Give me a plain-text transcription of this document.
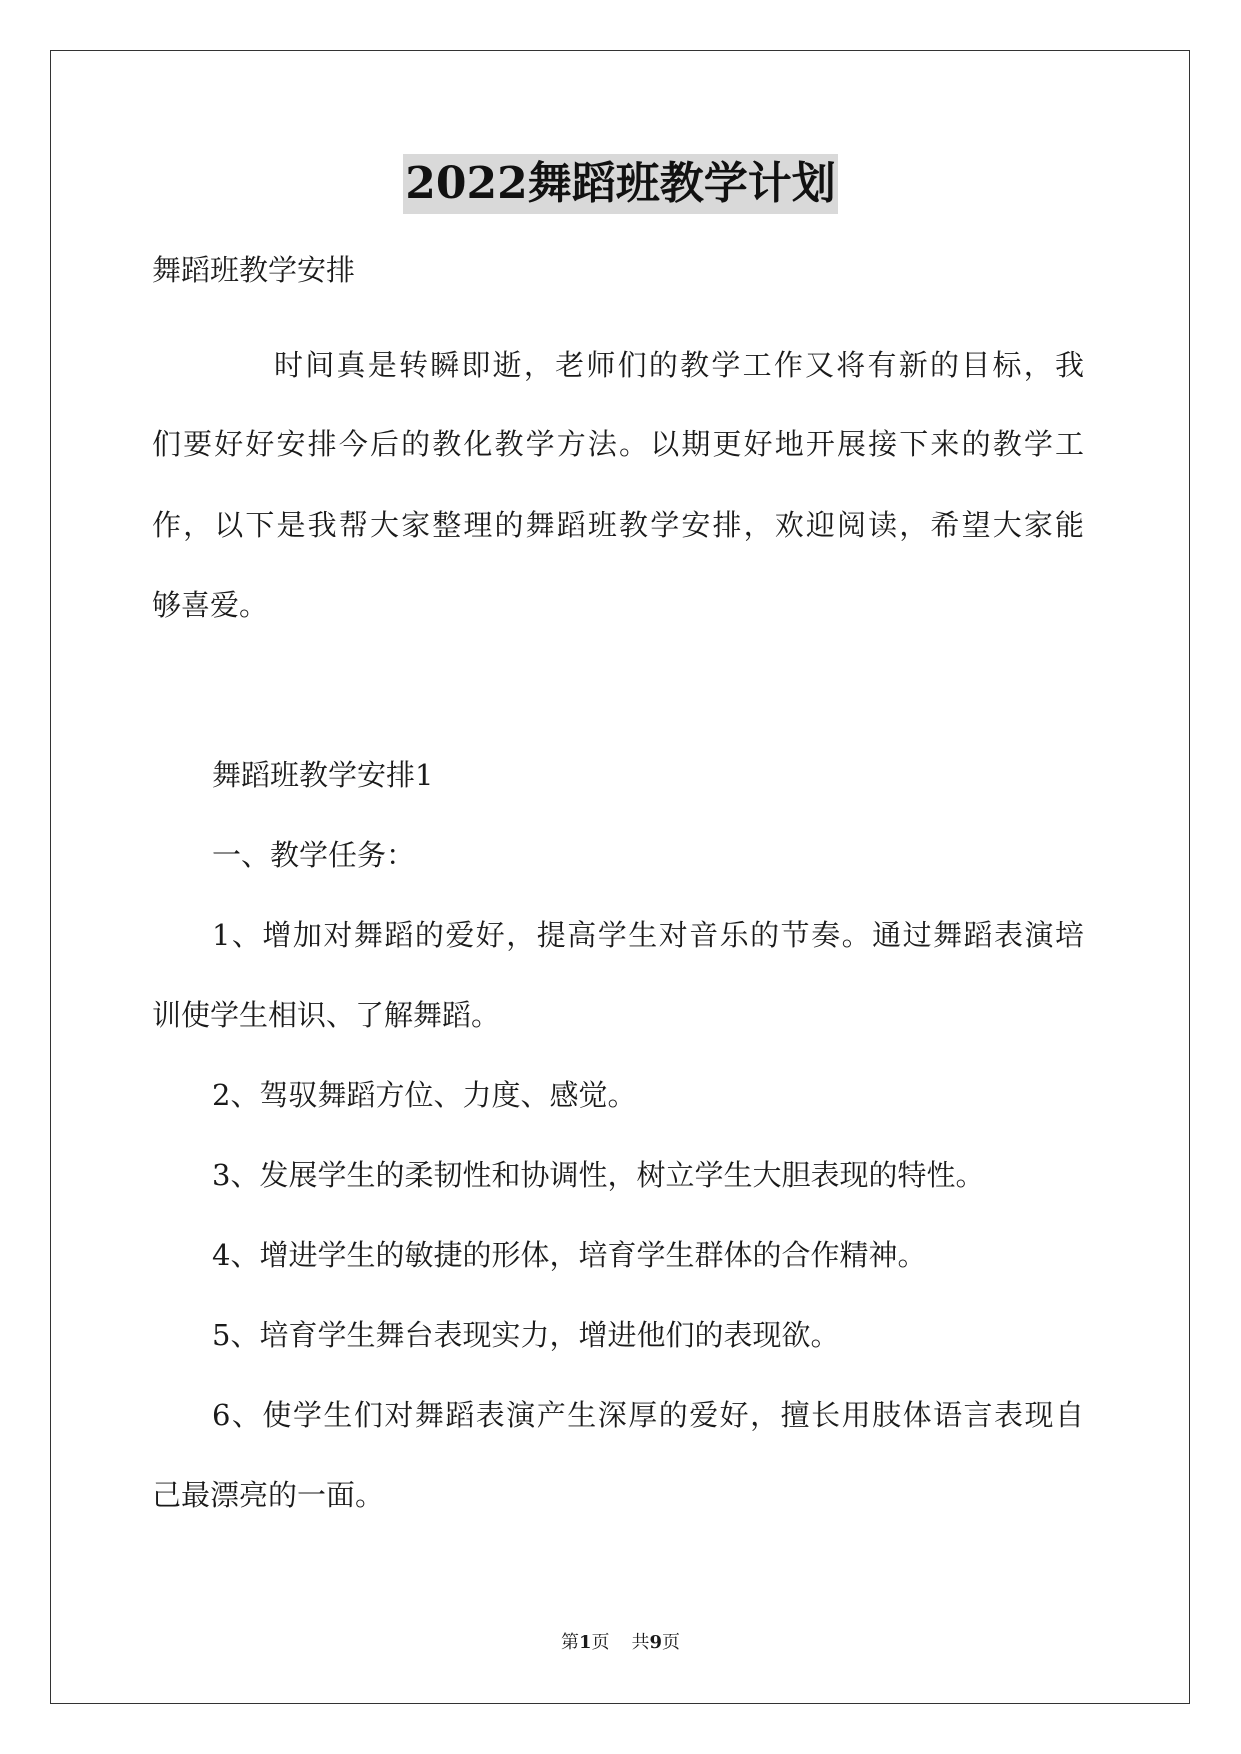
2022舞蹈班教学计划
舞蹈班教学安排
时间真是转瞬即逝，老师们的教学工作又将有新的目标，我
们要好好安排今后的教化教学方法。以期更好地开展接下来的教学工
作，以下是我帮大家整理的舞蹈班教学安排，欢迎阅读，希望大家能
够喜爱。
舞蹈班教学安排1
一、教学任务：
1、增加对舞蹈的爱好，提高学生对音乐的节奏。通过舞蹈表演培
训使学生相识、了解舞蹈。
2、驾驭舞蹈方位、力度、感觉。
3、发展学生的柔韧性和协调性，树立学生大胆表现的特性。
4、增进学生的敏捷的形体，培育学生群体的合作精神。
5、培育学生舞台表现实力，增进他们的表现欲。
6、使学生们对舞蹈表演产生深厚的爱好，擅长用肢体语言表现自
己最漂亮的一面。
第1页 共9页
